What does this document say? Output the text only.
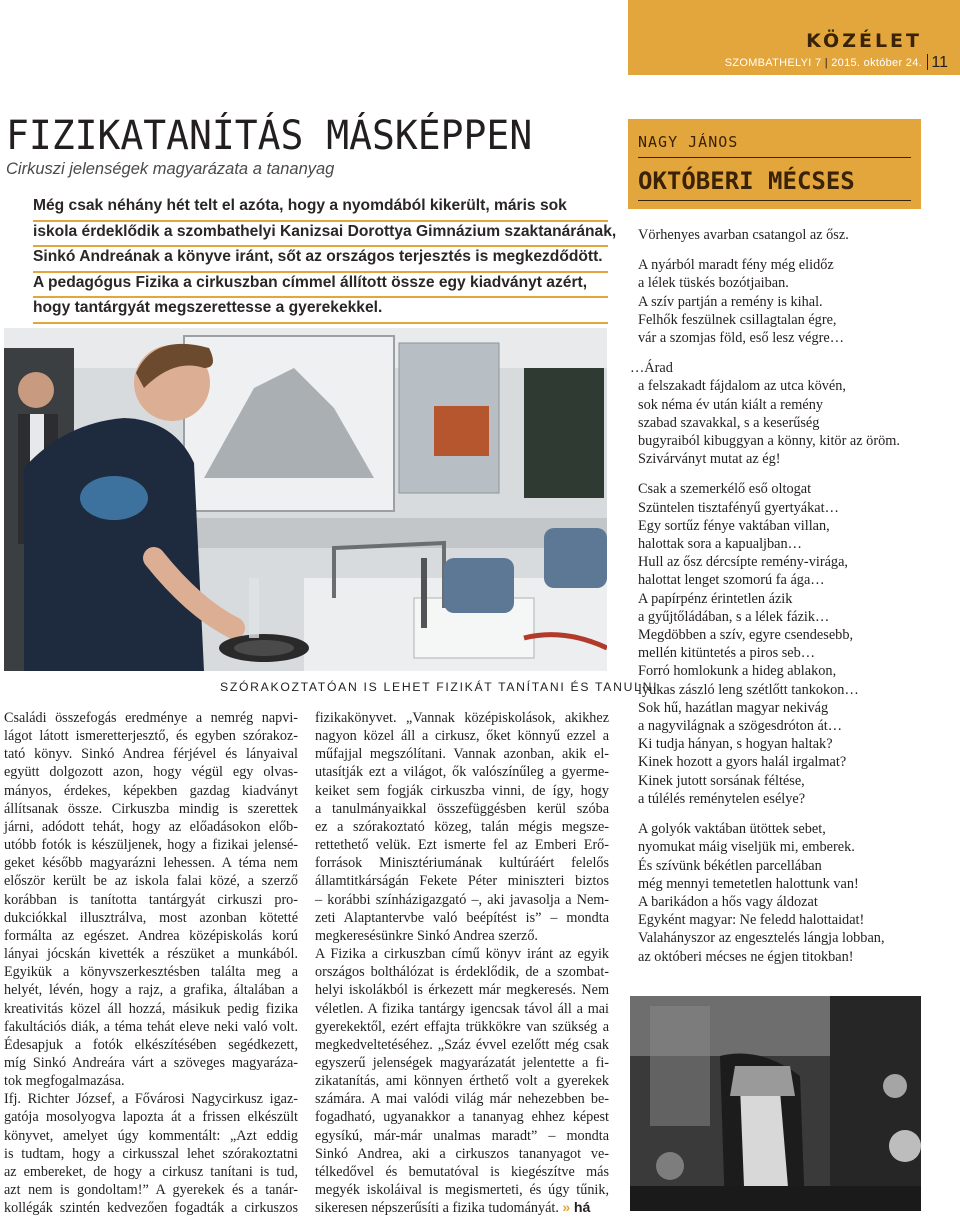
KÖZÉLET
SZOMBATHELYI 7 | 2015. október 24. 11
FIZIKATANÍTÁS MÁSKÉPPEN
Cirkuszi jelenségek magyarázata a tananyag
Még csak néhány hét telt el azóta, hogy a nyomdából kikerült, máris sok
iskola érdeklődik a szombathelyi Kanizsai Dorottya Gimnázium szaktanárának,
Sinkó Andreának a könyve iránt, sőt az országos terjesztés is megkezdődött.
A pedagógus Fizika a cirkuszban címmel állított össze egy kiadványt azért,
hogy tantárgyát megszerettesse a gyerekekkel.
SZÓRAKOZTATÓAN IS LEHET FIZIKÁT TANÍTANI ÉS TANULNI
Családi összefogás eredménye a nemrég napvi-
lágot látott ismeretterjesztő, és egyben szórakoz-
tató könyv. Sinkó Andrea férjével és lányaival
együtt dolgozott azon, hogy végül egy olvas-
mányos, érdekes, képekben gazdag kiadványt
állítsanak össze. Cirkuszba mindig is szerettek
járni, adódott tehát, hogy az előadásokon előb-
utóbb fotók is készüljenek, hogy a fizikai jelensé-
geket később magyarázni lehessen. A téma nem
először került be az iskola falai közé, a szerző
korábban is tanította tantárgyát cirkuszi pro-
dukciókkal illusztrálva, most azonban kötetté
formálta az egészet. Andrea középiskolás korú
lányai jócskán kivették a részüket a munkából.
Egyikük a könyvszerkesztésben találta meg a
helyét, lévén, hogy a rajz, a grafika, általában a
kreativitás közel áll hozzá, másikuk pedig fizika
fakultációs diák, a téma tehát eleve neki való volt.
Édesapjuk a fotók elkészítésében segédkezett,
míg Sinkó Andreára várt a szöveges magyaráza-
tok megfogalmazása.
Ifj. Richter József, a Fővárosi Nagycirkusz igaz-
gatója mosolyogva lapozta át a frissen elkészült
könyvet, amelyet úgy kommentált: „Azt eddig
is tudtam, hogy a cirkusszal lehet szórakoztatni
az embereket, de hogy a cirkusz tanítani is tud,
azt nem is gondoltam!” A gyerekek és a tanár-
kollégák szintén kedvezően fogadták a cirkuszos
fizikakönyvet. „Vannak középiskolások, akikhez
nagyon közel áll a cirkusz, őket könnyű ezzel a
műfajjal megszólítani. Vannak azonban, akik el-
utasítják ezt a világot, ők valószínűleg a gyerme-
keiket sem fogják cirkuszba vinni, de így, hogy
a tanulmányaikkal összefüggésben kerül szóba
ez a szórakoztató közeg, talán mégis megsze-
rettethető velük. Ezt ismerte fel az Emberi Erő-
források Minisztériumának kultúráért felelős
államtitkárságán Fekete Péter miniszteri biztos
– korábbi színházigazgató –, aki javasolja a Nem-
zeti Alaptantervbe való beépítést is” – mondta
megkeresésünkre Sinkó Andrea szerző.
A Fizika a cirkuszban című könyv iránt az egyik
országos bolthálózat is érdeklődik, de a szombat-
helyi iskolákból is érkezett már megkeresés. Nem
véletlen. A fizika tantárgy igencsak távol áll a mai
gyerekektől, ezért effajta trükkökre van szükség a
megkedveltetéséhez. „Száz évvel ezelőtt még csak
egyszerű jelenségek magyarázatát jelentette a fi-
zikatanítás, ami könnyen érthető volt a gyerekek
számára. A mai valódi világ már nehezebben be-
fogadható, ugyanakkor a tananyag ehhez képest
egysíkú, már-már unalmas maradt” – mondta
Sinkó Andrea, aki a cirkuszos tananyagot ve-
télkedővel és bemutatóval is kiegészítve más
megyék iskoláival is megismerteti, és úgy tűnik,
sikeresen népszerűsíti a fizika tudományát. » há
NAGY JÁNOS
OKTÓBERI MÉCSES
Vörhenyes avarban csatangol az ősz.
A nyárból maradt fény még elidőz
a lélek tüskés bozótjaiban.
A szív partján a remény is kihal.
Felhők feszülnek csillagtalan égre,
vár a szomjas föld, eső lesz végre…
…Árad
a felszakadt fájdalom az utca kövén,
sok néma év után kiált a remény
szabad szavakkal, s a keserűség
bugyraiból kibuggyan a könny, kitör az öröm.
Szivárványt mutat az ég!
Csak a szemerkélő eső oltogat
Szüntelen tisztafényű gyertyákat…
Egy sortűz fénye vaktában villan,
halottak sora a kapualjban…
Hull az ősz dércsípte remény-virága,
halottat lenget szomorú fa ága…
A papírpénz érintetlen ázik
a gyűjtőládában, s a lélek fázik…
Megdöbben a szív, egyre csendesebb,
mellén kitüntetés a piros seb…
Forró homlokunk a hideg ablakon,
lyukas zászló leng szétlőtt tankokon…
Sok hű, hazátlan magyar nekivág
a nagyvilágnak a szögesdróton át…
Ki tudja hányan, s hogyan haltak?
Kinek hozott a gyors halál irgalmat?
Kinek jutott sorsának féltése,
a túlélés reménytelen esélye?
A golyók vaktában ütöttek sebet,
nyomukat máig viseljük mi, emberek.
És szívünk békétlen parcellában
még mennyi temetetlen halottunk van!
A barikádon a hős vagy áldozat
Egyként magyar: Ne feledd halottaidat!
Valahányszor az engesztelés lángja lobban,
az októberi mécses ne égjen titokban!
